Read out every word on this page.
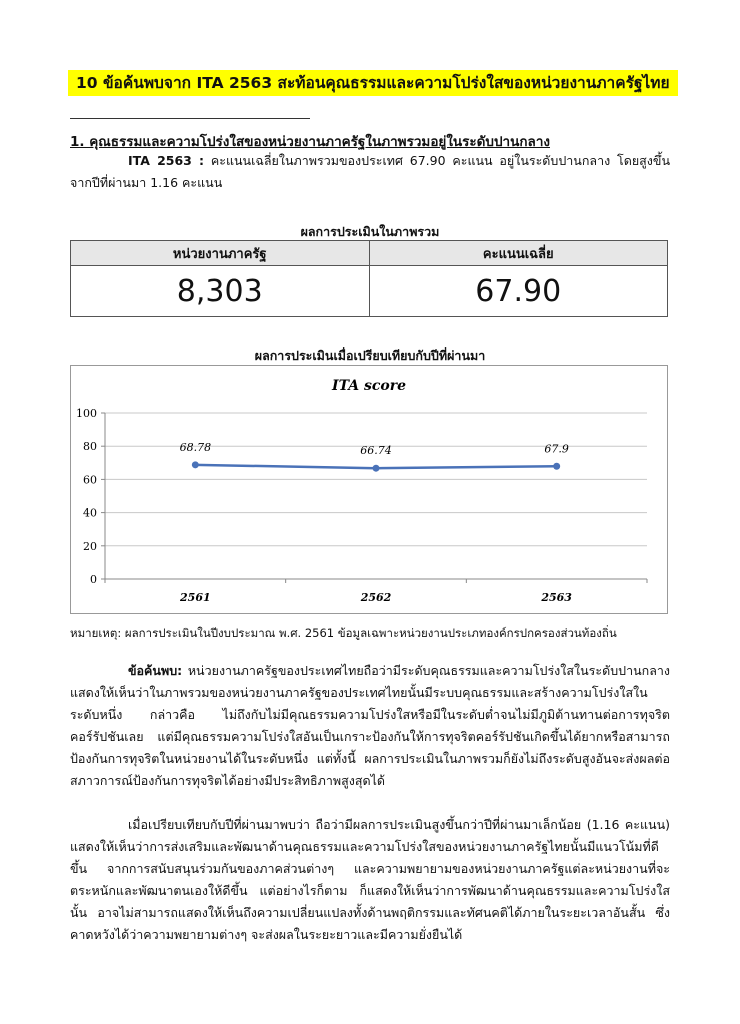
10 ข้อค้นพบจาก ITA 2563 สะท้อนคุณธรรมและความโปร่งใสของหน่วยงานภาครัฐไทย
1. คุณธรรมและความโปร่งใสของหน่วยงานภาครัฐในภาพรวมอยู่ในระดับปานกลาง
ITA 2563 : คะแนนเฉลี่ยในภาพรวมของประเทศ 67.90 คะแนน อยู่ในระดับปานกลาง โดยสูงขึ้นจากปีที่ผ่านมา 1.16 คะแนน
ผลการประเมินในภาพรวม
หน่วยงานภาครัฐ	คะแนนเฉลี่ย
8,303	67.90
ผลการประเมินเมื่อเปรียบเทียบกับปีที่ผ่านมา
ITA score
0
20
40
60
80
100
2561	2562	2563
68.78	66.74	67.9
หมายเหตุ: ผลการประเมินในปีงบประมาณ พ.ศ. 2561 ข้อมูลเฉพาะหน่วยงานประเภทองค์กรปกครองส่วนท้องถิ่น
ข้อค้นพบ: หน่วยงานภาครัฐของประเทศไทยถือว่ามีระดับคุณธรรมและความโปร่งใสในระดับปานกลาง แสดงให้เห็นว่าในภาพรวมของหน่วยงานภาครัฐของประเทศไทยนั้นมีระบบคุณธรรมและสร้างความโปร่งใสในระดับหนึ่ง กล่าวคือ ไม่ถึงกับไม่มีคุณธรรมความโปร่งใสหรือมีในระดับต่ำจนไม่มีภูมิต้านทานต่อการทุจริตคอร์รัปชันเลย แต่มีคุณธรรมความโปร่งใสอันเป็นเกราะป้องกันให้การทุจริตคอร์รัปชันเกิดขึ้นได้ยากหรือสามารถป้องกันการทุจริตในหน่วยงานได้ในระดับหนึ่ง แต่ทั้งนี้ ผลการประเมินในภาพรวมก็ยังไม่ถึงระดับสูงอันจะส่งผลต่อสภาวการณ์ป้องกันการทุจริตได้อย่างมีประสิทธิภาพสูงสุดได้
เมื่อเปรียบเทียบกับปีที่ผ่านมาพบว่า ถือว่ามีผลการประเมินสูงขึ้นกว่าปีที่ผ่านมาเล็กน้อย (1.16 คะแนน) แสดงให้เห็นว่าการส่งเสริมและพัฒนาด้านคุณธรรมและความโปร่งใสของหน่วยงานภาครัฐไทยนั้นมีแนวโน้มที่ดีขึ้น จากการสนับสนุนร่วมกันของภาคส่วนต่างๆ และความพยายามของหน่วยงานภาครัฐแต่ละหน่วยงานที่จะตระหนักและพัฒนาตนเองให้ดีขึ้น แต่อย่างไรก็ตาม ก็แสดงให้เห็นว่าการพัฒนาด้านคุณธรรมและความโปร่งใสนั้น อาจไม่สามารถแสดงให้เห็นถึงความเปลี่ยนแปลงทั้งด้านพฤติกรรมและทัศนคติได้ภายในระยะเวลาอันสั้น ซึ่งคาดหวังได้ว่าความพยายามต่างๆ จะส่งผลในระยะยาวและมีความยั่งยืนได้
